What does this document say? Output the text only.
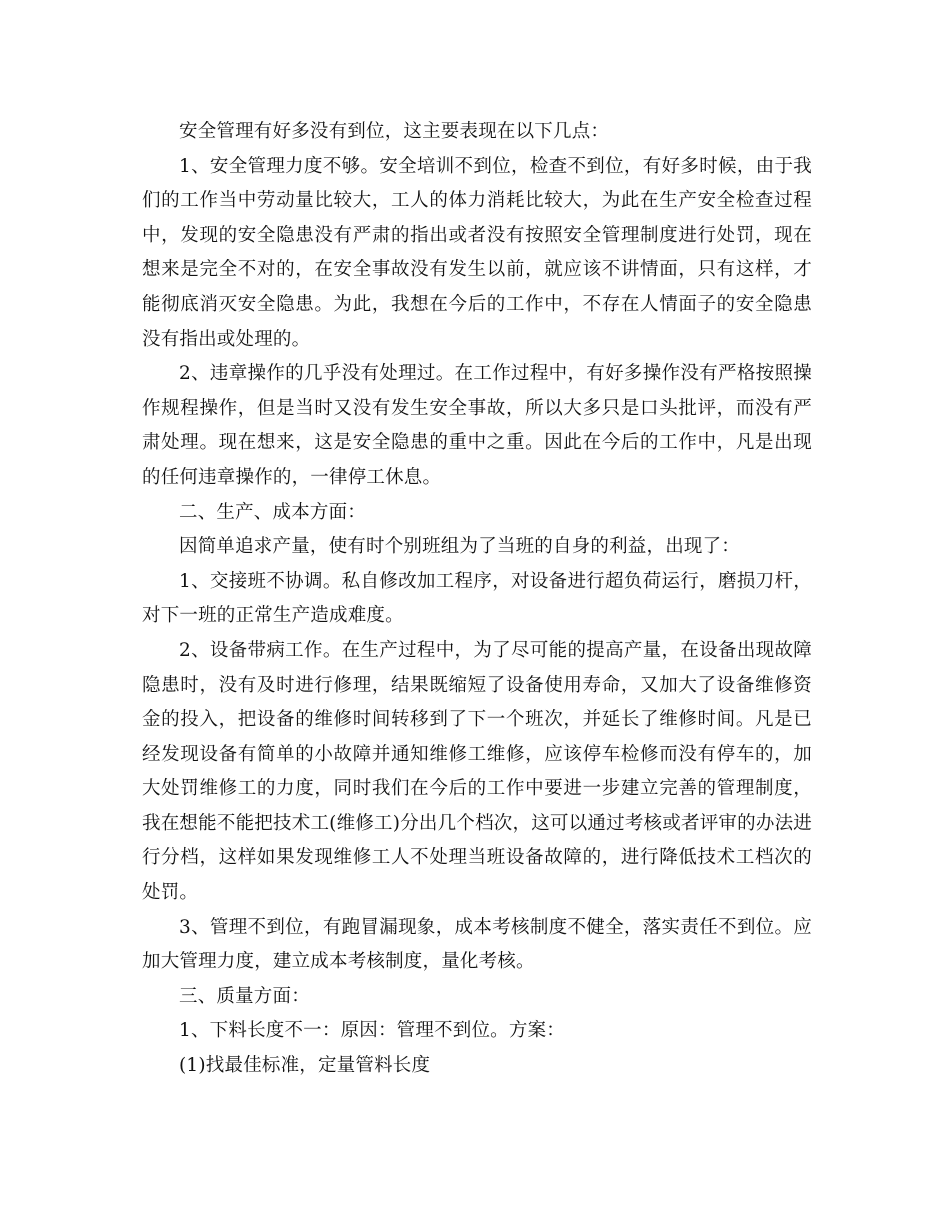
安全管理有好多没有到位，这主要表现在以下几点：

1、安全管理力度不够。安全培训不到位，检查不到位，有好多时候，由于我们的工作当中劳动量比较大，工人的体力消耗比较大，为此在生产安全检查过程中，发现的安全隐患没有严肃的指出或者没有按照安全管理制度进行处罚，现在想来是完全不对的，在安全事故没有发生以前，就应该不讲情面，只有这样，才能彻底消灭安全隐患。为此，我想在今后的工作中，不存在人情面子的安全隐患没有指出或处理的。

2、违章操作的几乎没有处理过。在工作过程中，有好多操作没有严格按照操作规程操作，但是当时又没有发生安全事故，所以大多只是口头批评，而没有严肃处理。现在想来，这是安全隐患的重中之重。因此在今后的工作中，凡是出现的任何违章操作的，一律停工休息。

二、生产、成本方面：

因简单追求产量，使有时个别班组为了当班的自身的利益，出现了：

1、交接班不协调。私自修改加工程序，对设备进行超负荷运行，磨损刀杆，对下一班的正常生产造成难度。

2、设备带病工作。在生产过程中，为了尽可能的提高产量，在设备出现故障隐患时，没有及时进行修理，结果既缩短了设备使用寿命，又加大了设备维修资金的投入，把设备的维修时间转移到了下一个班次，并延长了维修时间。凡是已经发现设备有简单的小故障并通知维修工维修，应该停车检修而没有停车的，加大处罚维修工的力度，同时我们在今后的工作中要进一步建立完善的管理制度，我在想能不能把技术工(维修工)分出几个档次，这可以通过考核或者评审的办法进行分档，这样如果发现维修工人不处理当班设备故障的，进行降低技术工档次的处罚。

3、管理不到位，有跑冒漏现象，成本考核制度不健全，落实责任不到位。应加大管理力度，建立成本考核制度，量化考核。

三、质量方面：

1、下料长度不一：原因：管理不到位。方案：

(1)找最佳标准，定量管料长度
